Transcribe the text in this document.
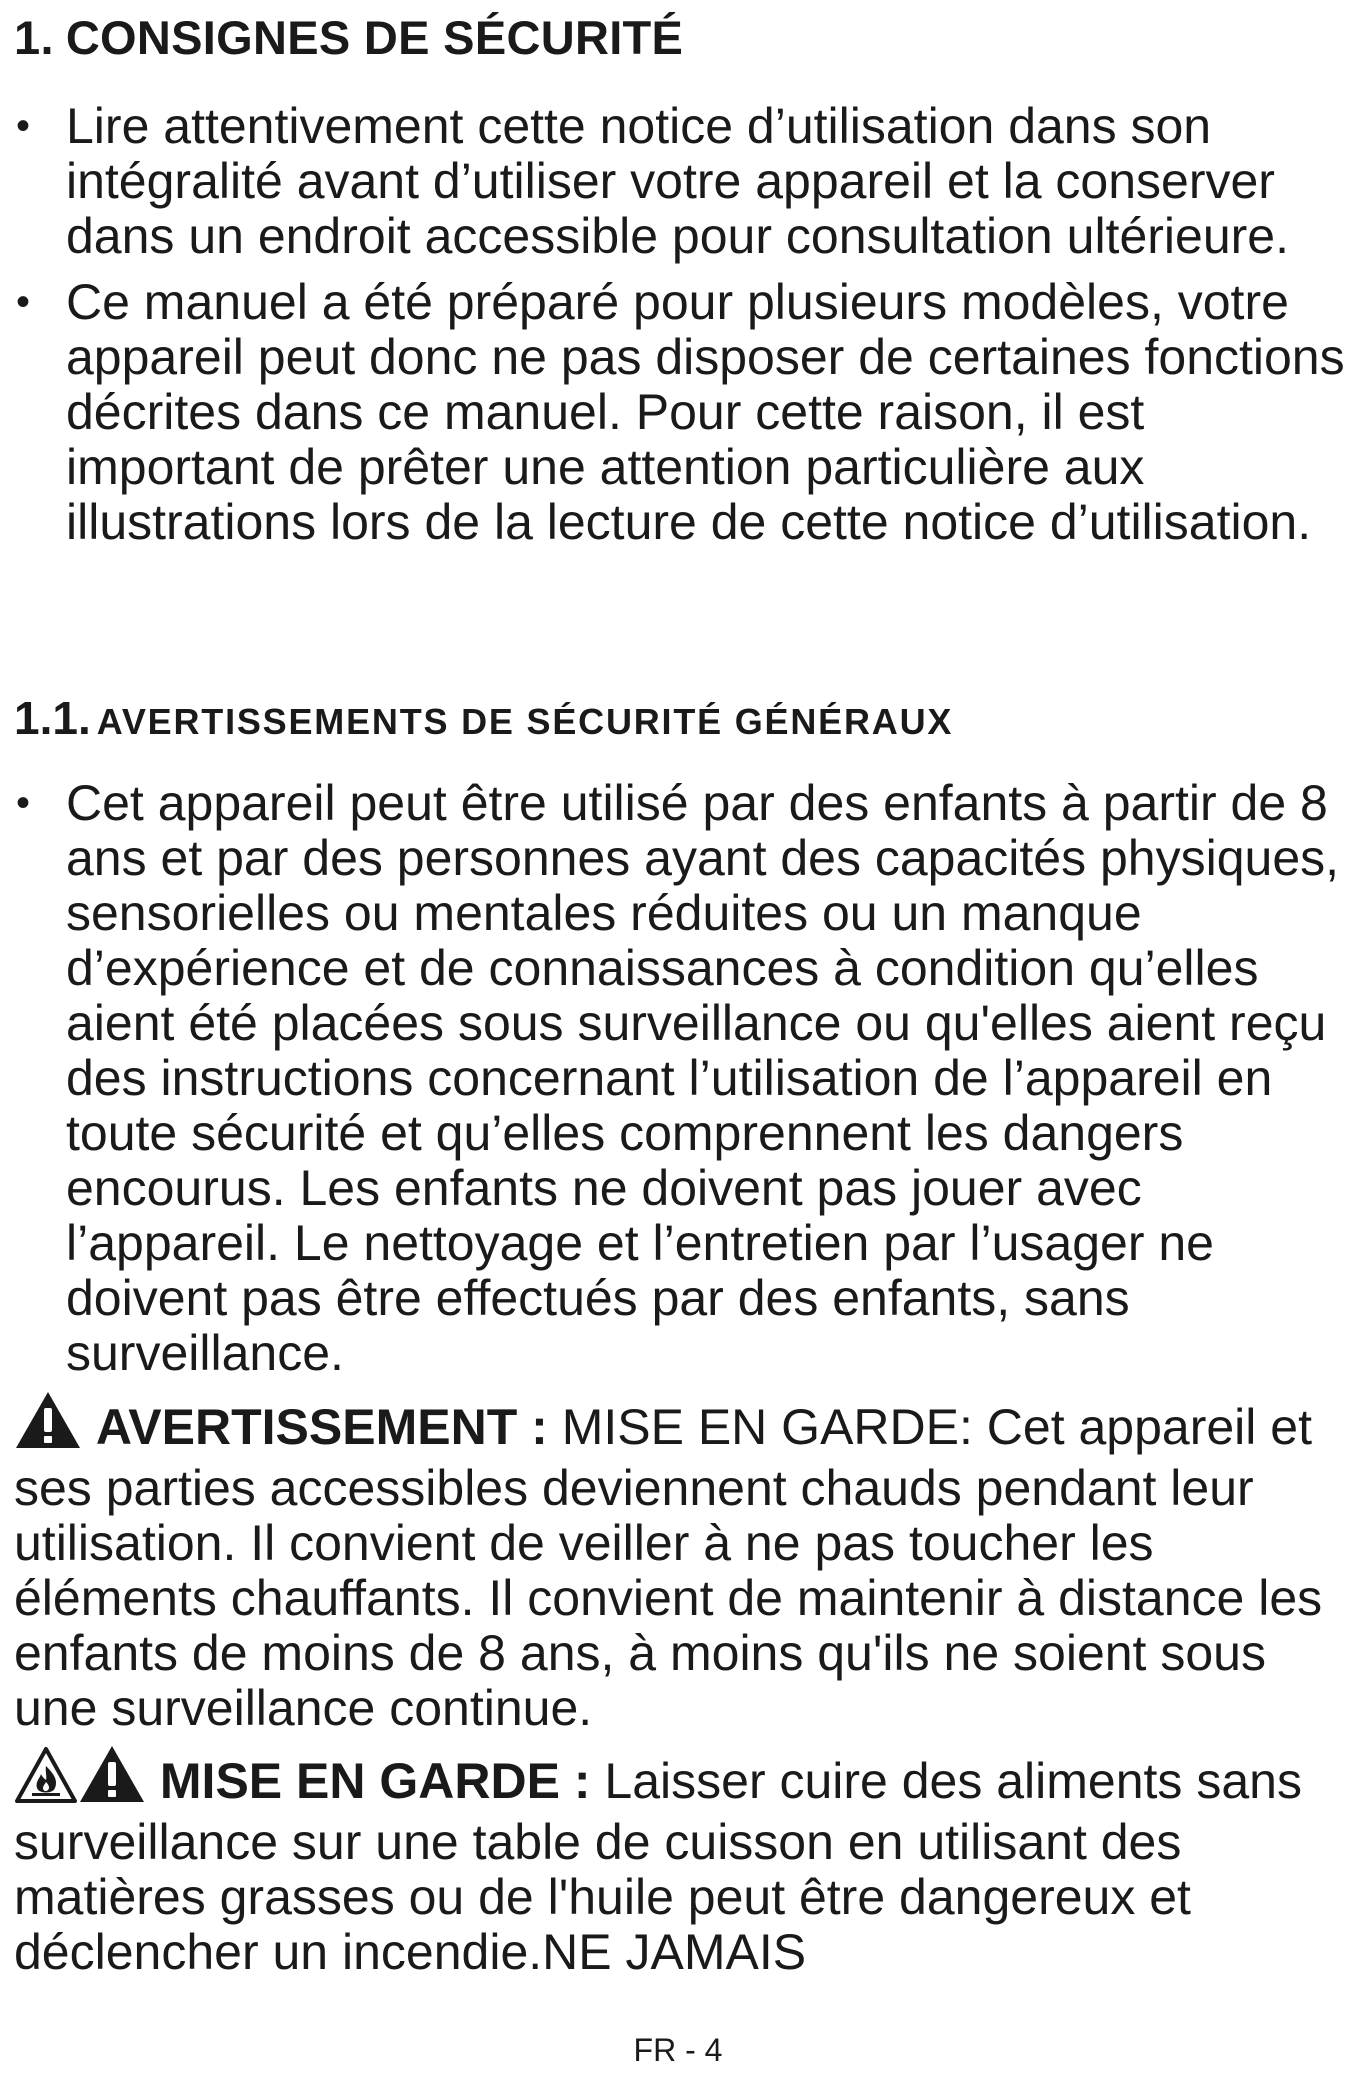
1. CONSIGNES DE SÉCURITÉ
• Lire attentivement cette notice d’utilisation dans son intégralité avant d’utiliser votre appareil et la conserver dans un endroit accessible pour consultation ultérieure.
• Ce manuel a été préparé pour plusieurs modèles, votre appareil peut donc ne pas disposer de certaines fonctions décrites dans ce manuel. Pour cette raison, il est important de prêter une attention particulière aux illustrations lors de la lecture de cette notice d’utilisation.
1.1. AVERTISSEMENTS DE SÉCURITÉ GÉNÉRAUX
• Cet appareil peut être utilisé par des enfants à partir de 8 ans et par des personnes ayant des capacités physiques, sensorielles ou mentales réduites ou un manque d’expérience et de connaissances à condition qu’elles aient été placées sous surveillance ou qu'elles aient reçu des instructions concernant l’utilisation de l’appareil en toute sécurité et qu’elles comprennent les dangers encourus. Les enfants ne doivent pas jouer avec l’appareil. Le nettoyage et l’entretien par l’usager ne doivent pas être effectués par des enfants, sans surveillance.

AVERTISSEMENT : MISE EN GARDE: Cet appareil et ses parties accessibles deviennent chauds pendant leur utilisation. Il convient de veiller à ne pas toucher les éléments chauffants. Il convient de maintenir à distance les enfants de moins de 8 ans, à moins qu'ils ne soient sous une surveillance continue.

MISE EN GARDE : Laisser cuire des aliments sans surveillance sur une table de cuisson en utilisant des matières grasses ou de l'huile peut être dangereux et déclencher un incendie.NE JAMAIS

FR - 4
